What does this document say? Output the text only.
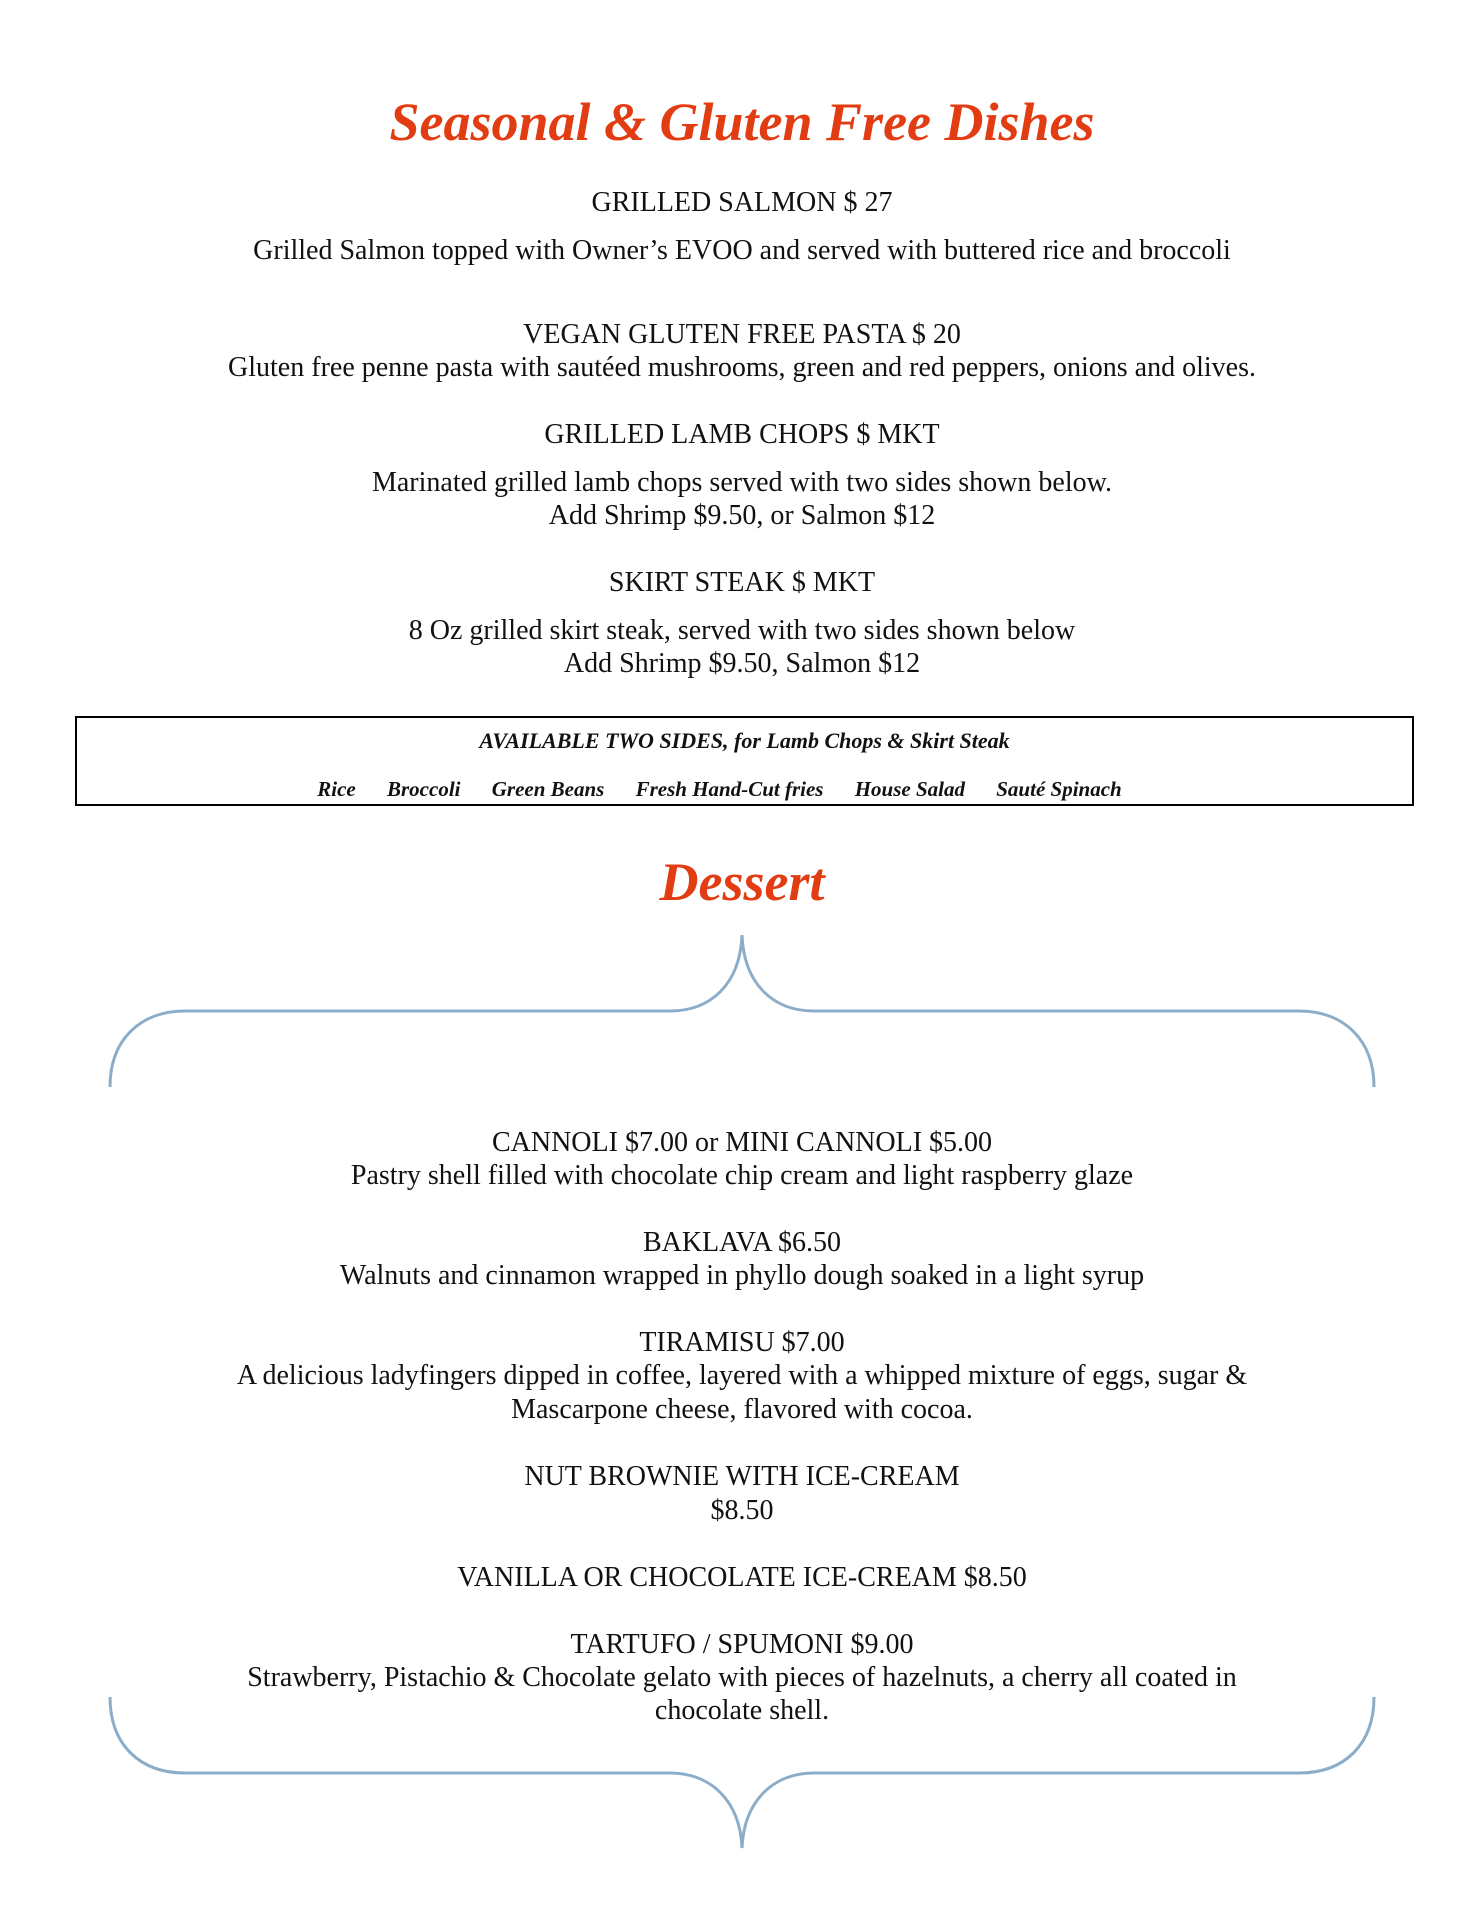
Seasonal & Gluten Free Dishes
GRILLED SALMON $ 27
Grilled Salmon topped with Owner’s EVOO and served with buttered rice and broccoli
VEGAN GLUTEN FREE PASTA $ 20
Gluten free penne pasta with sautéed mushrooms, green and red peppers, onions and olives.
GRILLED LAMB CHOPS $ MKT
Marinated grilled lamb chops served with two sides shown below.
Add Shrimp $9.50, or Salmon $12
SKIRT STEAK $ MKT
8 Oz grilled skirt steak, served with two sides shown below
Add Shrimp $9.50, Salmon $12
AVAILABLE TWO SIDES, for Lamb Chops & Skirt Steak
Rice Broccoli Green Beans Fresh Hand-Cut fries House Salad Sauté Spinach
Dessert
CANNOLI $7.00 or MINI CANNOLI $5.00
Pastry shell filled with chocolate chip cream and light raspberry glaze
BAKLAVA $6.50
Walnuts and cinnamon wrapped in phyllo dough soaked in a light syrup
TIRAMISU $7.00
A delicious ladyfingers dipped in coffee, layered with a whipped mixture of eggs, sugar &
Mascarpone cheese, flavored with cocoa.
NUT BROWNIE WITH ICE-CREAM
$8.50
VANILLA OR CHOCOLATE ICE-CREAM $8.50
TARTUFO / SPUMONI $9.00
Strawberry, Pistachio & Chocolate gelato with pieces of hazelnuts, a cherry all coated in
chocolate shell.
